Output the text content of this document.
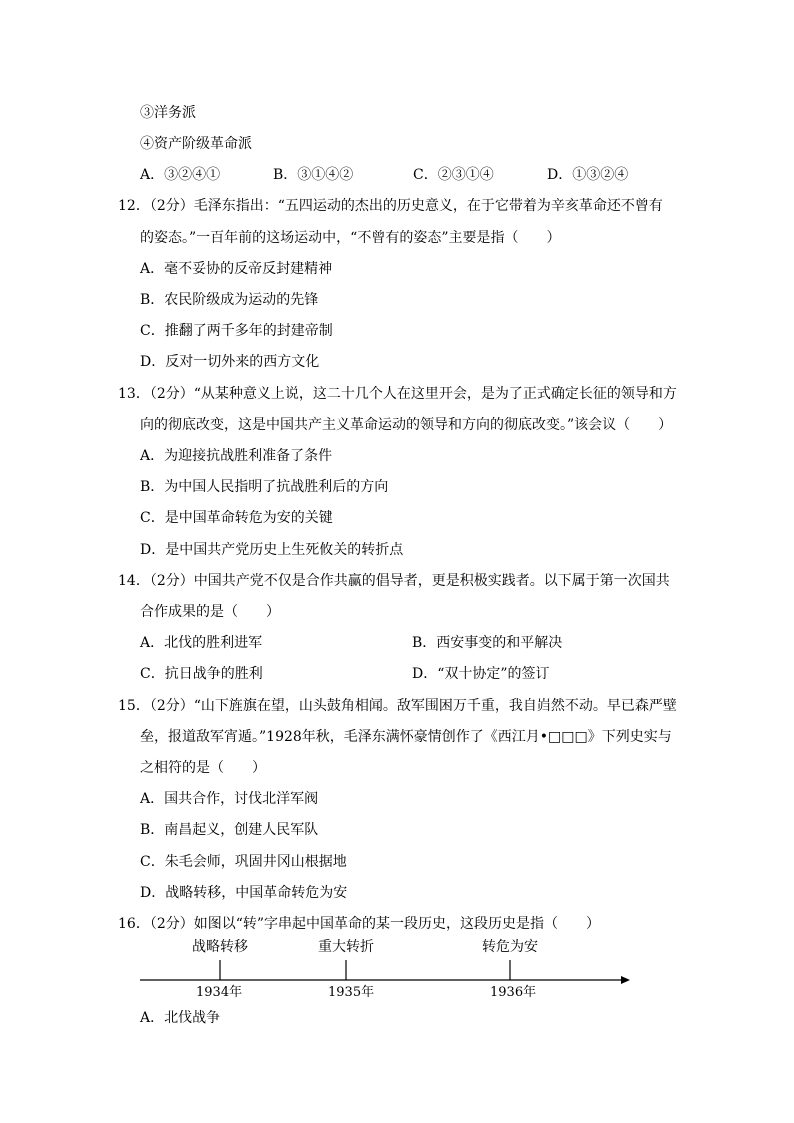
③洋务派
④资产阶级革命派
A．③②④①	B．③①④②	C．②③①④	D．①③②④
12．（2分）毛泽东指出：“五四运动的杰出的历史意义，在于它带着为辛亥革命还不曾有
的姿态。”一百年前的这场运动中，“不曾有的姿态”主要是指（　　）
A．毫不妥协的反帝反封建精神
B．农民阶级成为运动的先锋
C．推翻了两千多年的封建帝制
D．反对一切外来的西方文化
13．（2分）“从某种意义上说，这二十几个人在这里开会，是为了正式确定长征的领导和方
向的彻底改变，这是中国共产主义革命运动的领导和方向的彻底改变。”该会议（　　）
A．为迎接抗战胜利准备了条件
B．为中国人民指明了抗战胜利后的方向
C．是中国革命转危为安的关键
D．是中国共产党历史上生死攸关的转折点
14．（2分）中国共产党不仅是合作共赢的倡导者，更是积极实践者。以下属于第一次国共
合作成果的是（　　）
A．北伐的胜利进军	B．西安事变的和平解决
C．抗日战争的胜利	D．“双十协定”的签订
15．（2分）“山下旌旗在望，山头鼓角相闻。敌军围困万千重，我自岿然不动。早已森严壁
垒，报道敌军宵遁。”1928年秋，毛泽东满怀豪情创作了《西江月•□□□》下列史实与
之相符的是（　　）
A．国共合作，讨伐北洋军阀
B．南昌起义，创建人民军队
C．朱毛会师，巩固井冈山根据地
D．战略转移，中国革命转危为安
16．（2分）如图以“转”字串起中国革命的某一段历史，这段历史是指（　　）
战略转移	重大转折	转危为安
1934年	1935年	1936年
A．北伐战争
